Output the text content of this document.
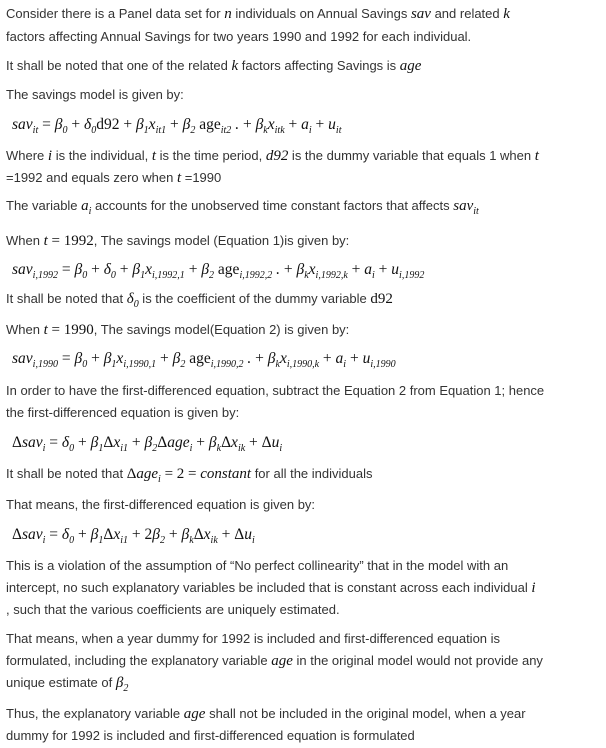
Consider there is a Panel data set for n individuals on Annual Savings sav and related k
factors affecting Annual Savings for two years 1990 and 1992 for each individual.
It shall be noted that one of the related k factors affecting Savings is age
The savings model is given by:
$sav_{it} = \beta_0 + \delta_0d92 + \beta_1x_{it1} + \beta_2$ age$_{it2}$ . + $\beta_kx_{itk} + a_i + u_{it}$
Where i is the individual, t is the time period, d92 is the dummy variable that equals 1 when t
=1992 and equals zero when t =1990
The variable $a_i$ accounts for the unobserved time constant factors that affects sav$_{it}$
When t = 1992, The savings model (Equation 1)is given by:
$sav_{i,1992} = \beta_0 + \delta_0 + \beta_1x_{i,1992,1} + \beta_2$ age$_{i,1992,2}$ . + $\beta_kx_{i,1992,k} + a_i + u_{i,1992}$
It shall be noted that $\delta_0$ is the coefficient of the dummy variable d92
When t = 1990, The savings model(Equation 2) is given by:
$sav_{i,1990} = \beta_0 + \beta_1x_{i,1990,1} + \beta_2$ age$_{i,1990,2}$ . + $\beta_kx_{i,1990,k} + a_i + u_{i,1990}$
In order to have the first-differenced equation, subtract the Equation 2 from Equation 1; hence
the first-differenced equation is given by:
$\Delta sav_i = \delta_0 + \beta_1\Delta x_{i1} + \beta_2\Delta age_i + \beta_k\Delta x_{ik} + \Delta u_i$
It shall be noted that Δage$_i$ = 2 = constant for all the individuals
That means, the first-differenced equation is given by:
$\Delta sav_i = \delta_0 + \beta_1\Delta x_{i1} + 2\beta_2 + \beta_k\Delta x_{ik} + \Delta u_i$
This is a violation of the assumption of “No perfect collinearity” that in the model with an
intercept, no such explanatory variables be included that is constant across each individual i
, such that the various coefficients are uniquely estimated.
That means, when a year dummy for 1992 is included and first-differenced equation is
formulated, including the explanatory variable age in the original model would not provide any
unique estimate of $\beta_2$
Thus, the explanatory variable age shall not be included in the original model, when a year
dummy for 1992 is included and first-differenced equation is formulated
